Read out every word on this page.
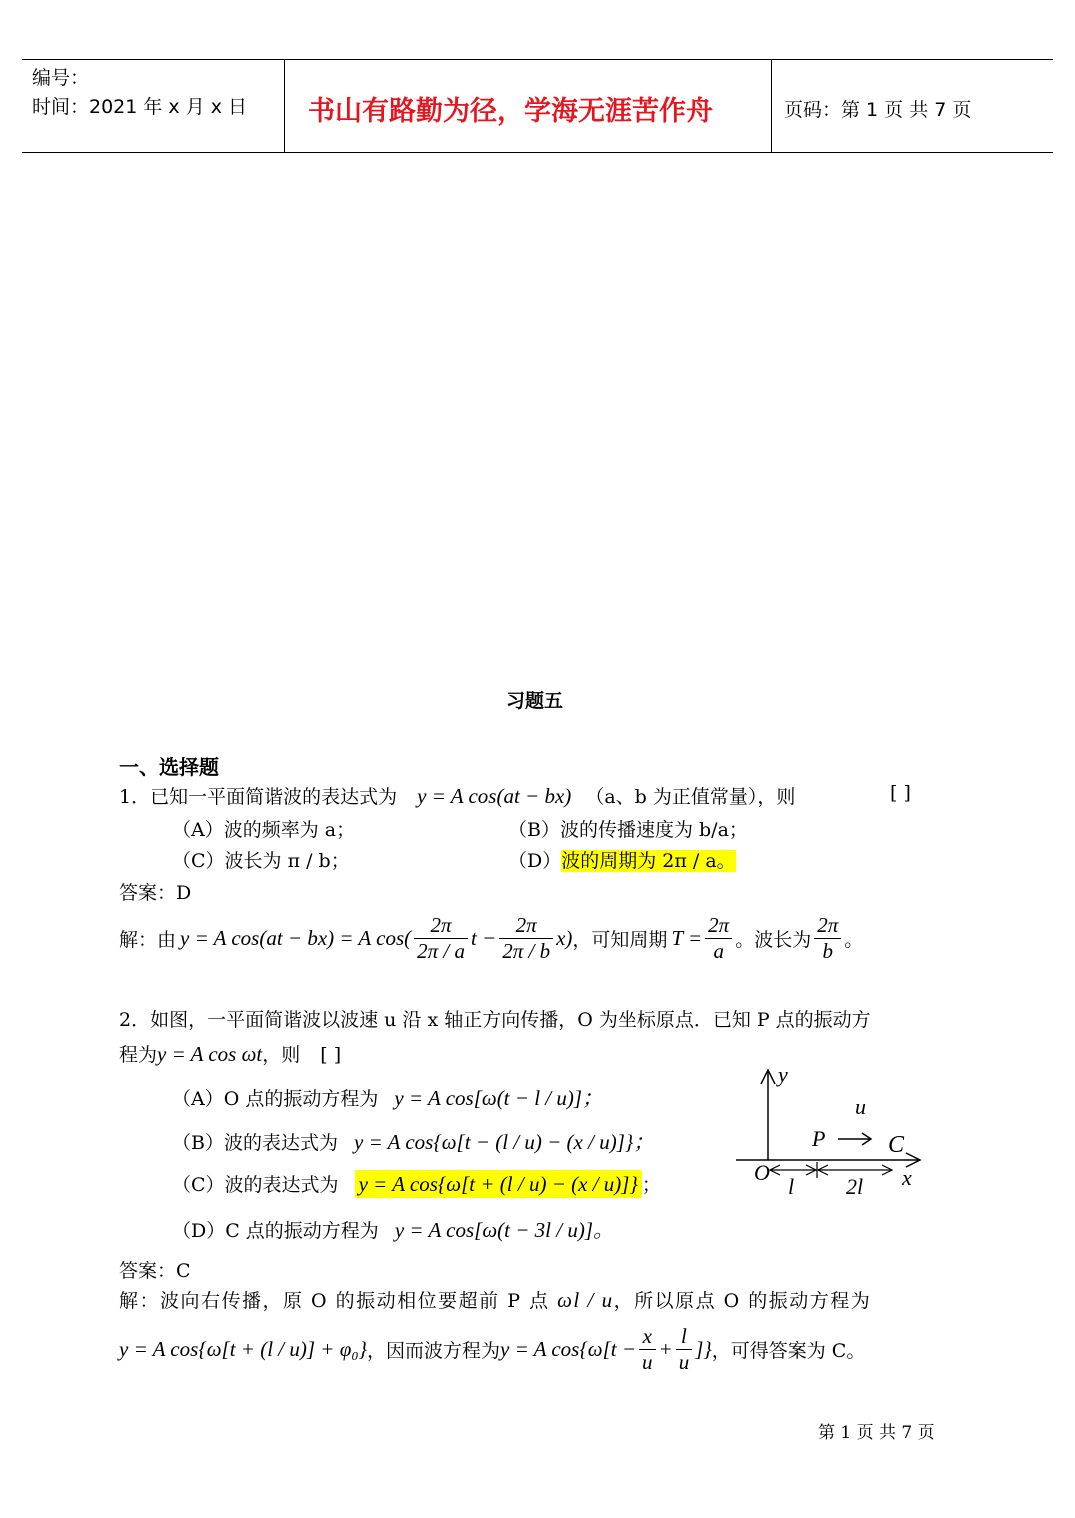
编号：
时间：2021 年 x 月 x 日 书山有路勤为径，学海无涯苦作舟	页码：第 1 页 共 7 页
习题五
一、选择题
1．已知一平面简谐波的表达式为 y = A cos(at − bx) （a、b 为正值常量），则	[ ]
（A）波的频率为 a；	（B）波的传播速度为 b/a；
（C）波长为 π / b；	（D）波的周期为 2π / a。
答案：D
解：由 y = A cos(at − bx) = A $\cos( \frac{2\pi}{2\pi / a}$ $t - \frac{2\pi}{2\pi / b} x$) ，可知周期 $T = \frac{2\pi}{a}$ 。波长为 $\frac{2\pi}{b}$ 。
2．如图，一平面简谐波以波速 u 沿 x 轴正方向传播，O 为坐标原点．已知 P 点的振动方
程为y = A cos ωt，则 [ ]
（A）O 点的振动方程为 y = A cos[ω(t − l / u)]；
（B）波的表达式为 y = A cos{ω[t − (l / u) − (x / u)]}；
（C）波的表达式为 y = A cos{ω[t + (l / u) − (x / u)]} ；
（D）C 点的振动方程为 y = A cos[ω(t − 3l / u)]。
y
u
P	C
O	x
l 2l
答案：C
解：波向右传播，原 O 的振动相位要超前 P 点 ωl / u，所以原点 O 的振动方程为
y = A cos{ω[t + (l / u)] + φ₀} ，因而波方程为 y = A $\cos\{\omega[t - \frac{x}{u} + \frac{l}{u}$ ]} ，可得答案为 C。
第 1 页 共 7 页
